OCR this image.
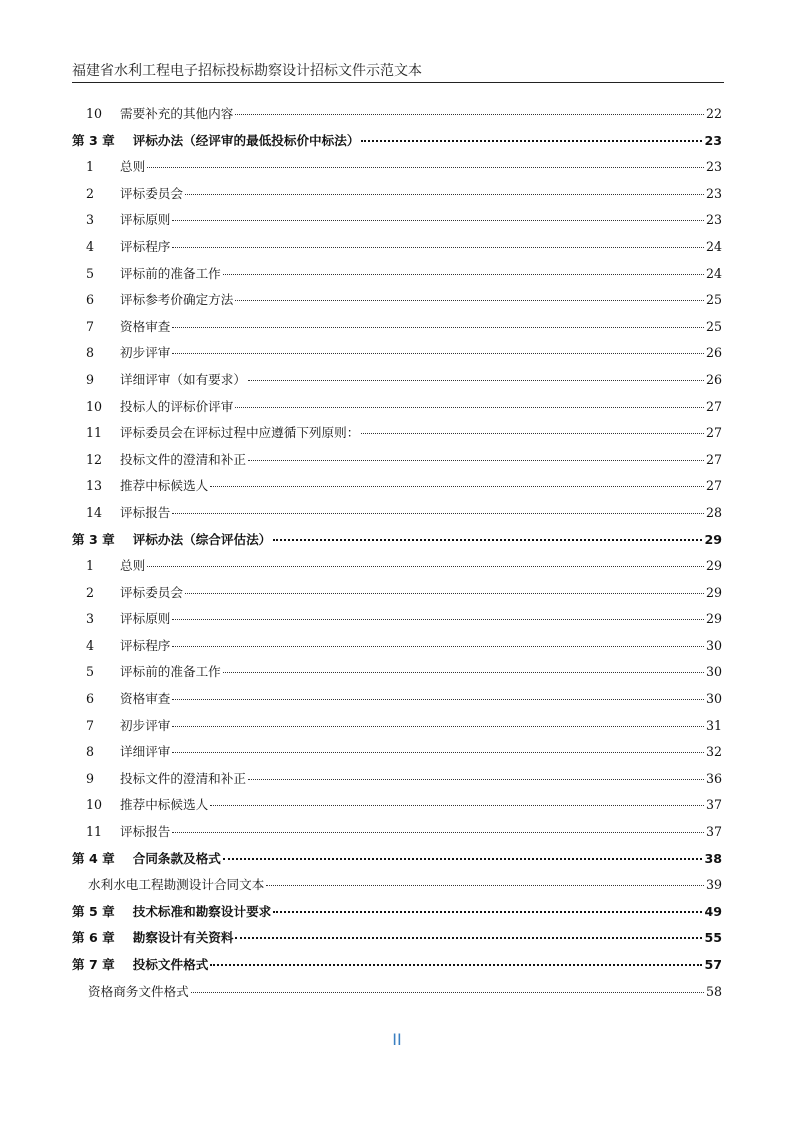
福建省水利工程电子招标投标勘察设计招标文件示范文本
10	需要补充的其他内容	22
第 3 章 评标办法（经评审的最低投标价中标法）	23
1	总则	23
2	评标委员会	23
3	评标原则	23
4	评标程序	24
5	评标前的准备工作	24
6	评标参考价确定方法	25
7	资格审查	25
8	初步评审	26
9	详细评审（如有要求）	26
10	投标人的评标价评审	27
11	评标委员会在评标过程中应遵循下列原则：	27
12	投标文件的澄清和补正	27
13	推荐中标候选人	27
14	评标报告	28
第 3 章 评标办法（综合评估法）	29
1	总则	29
2	评标委员会	29
3	评标原则	29
4	评标程序	30
5	评标前的准备工作	30
6	资格审查	30
7	初步评审	31
8	详细评审	32
9	投标文件的澄清和补正	36
10	推荐中标候选人	37
11	评标报告	37
第 4 章 合同条款及格式	38
水利水电工程勘测设计合同文本	39
第 5 章 技术标准和勘察设计要求	49
第 6 章 勘察设计有关资料	55
第 7 章 投标文件格式	57
资格商务文件格式	58
II
